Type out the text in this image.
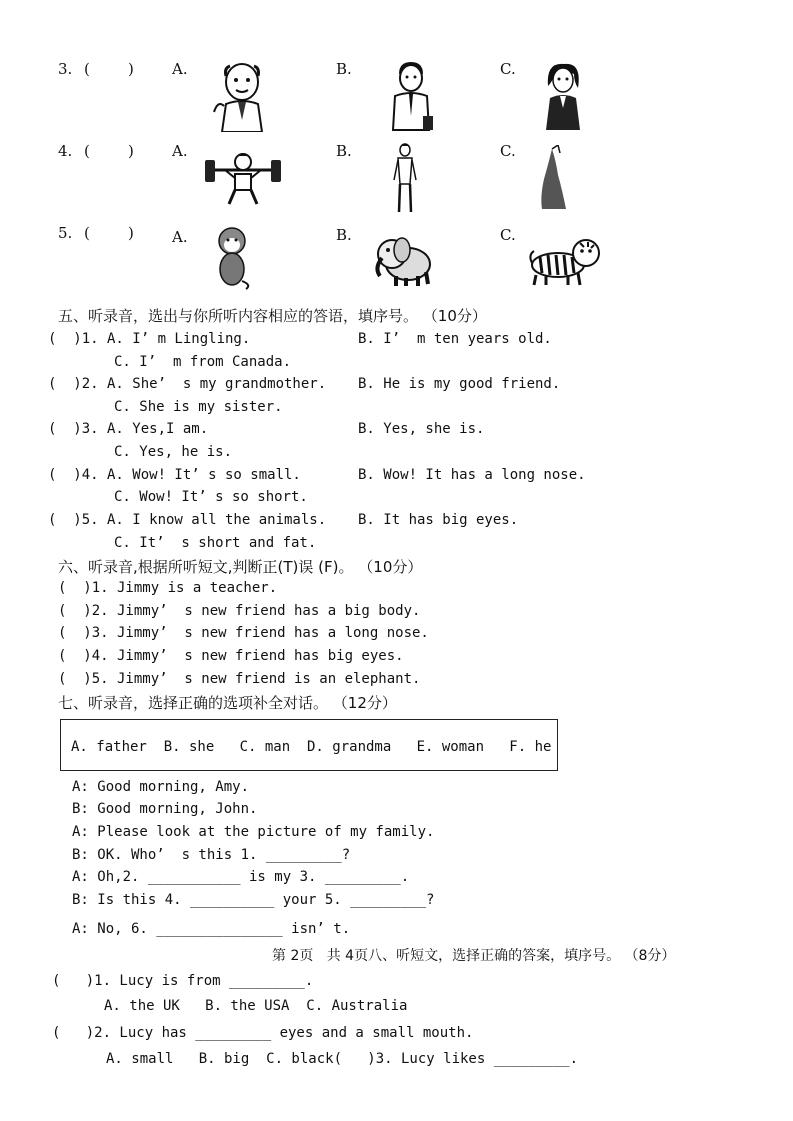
3. (        )	A.	B.	C.
4. (        )	A.	B.	C.
5. (        )	A.	B.	C.
五、听录音，选出与你所听内容相应的答语，填序号。 （10分）
(  )1. A. I’ m Lingling.	B. I’  m ten years old.
C. I’  m from Canada.
(  )2. A. She’  s my grandmother. B. He is my good friend.
C. She is my sister.
(  )3. A. Yes,I am.	B. Yes, she is.
C. Yes, he is.
(  )4. A. Wow! It’ s so small.	B. Wow! It has a long nose.
C. Wow! It’ s so short.
(  )5. A. I know all the animals. B. It has big eyes.
C. It’  s short and fat.
六、听录音,根据所听短文,判断正(T)误 (F)。 （10分）
(  )1. Jimmy is a teacher.
(  )2. Jimmy’  s new friend has a big body.
(  )3. Jimmy’  s new friend has a long nose.
(  )4. Jimmy’  s new friend has big eyes.
(  )5. Jimmy’  s new friend is an elephant.
七、听录音，选择正确的选项补全对话。 （12分）
A. father  B. she   C. man  D. grandma   E. woman   F. he
A: Good morning, Amy.
B: Good morning, John.
A: Please look at the picture of my family.
B: OK. Who’  s this 1. _________?
A: Oh,2. ___________ is my 3. _________.
B: Is this 4. __________ your 5. _________?
A: No, 6. _______________ isn’ t.
第 2页   共 4页八、听短文，选择正确的答案，填序号。 （8分）
(   )1. Lucy is from _________.
A. the UK   B. the USA  C. Australia
(   )2. Lucy has _________ eyes and a small mouth.
A. small   B. big  C. black(   )3. Lucy likes _________.
